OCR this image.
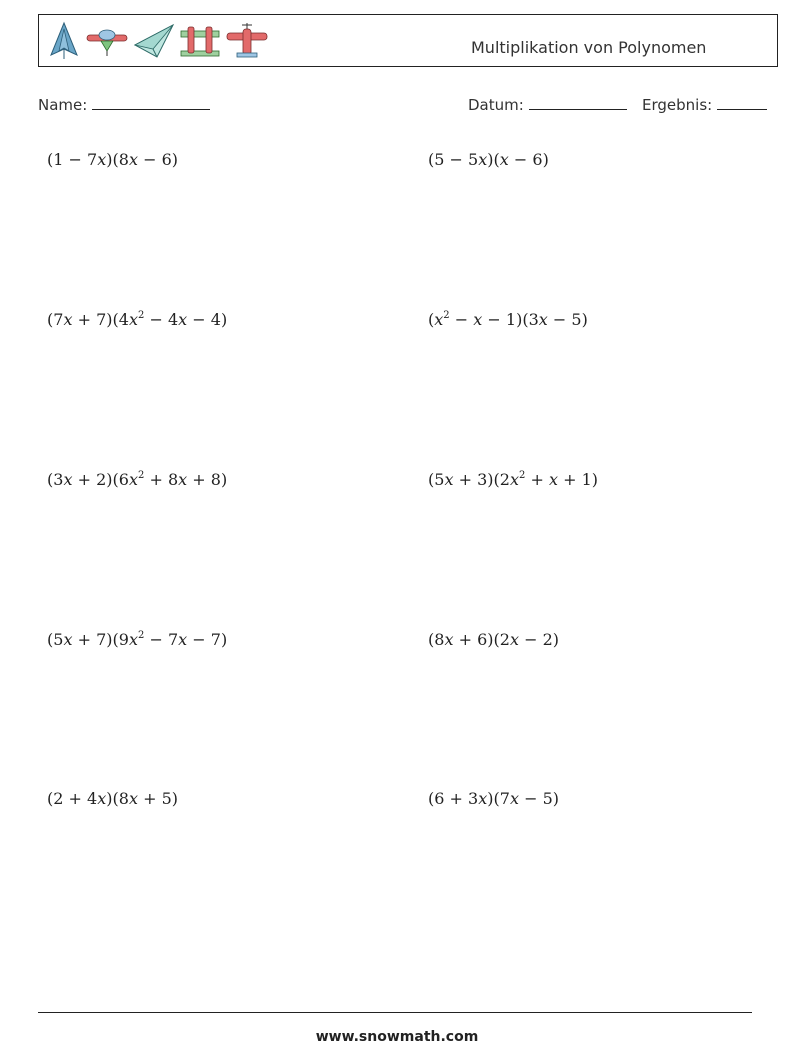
Multiplikation von Polynomen
Name:	Datum:	Ergebnis:
(1 − 7x)(8x − 6)	(5 − 5x)(x − 6)
$(7x + 7)(4x^2 - 4x - 4)$	$(x^2 - x - 1)(3x - 5)$
$(3x + 2)(6x^2 + 8x + 8)$	$(5x + 3)(2x^2 + x + 1)$
$(5x + 7)(9x^2 - 7x - 7)$	(8x + 6)(2x − 2)
(2 + 4x)(8x + 5)	(6 + 3x)(7x − 5)
www.snowmath.com
